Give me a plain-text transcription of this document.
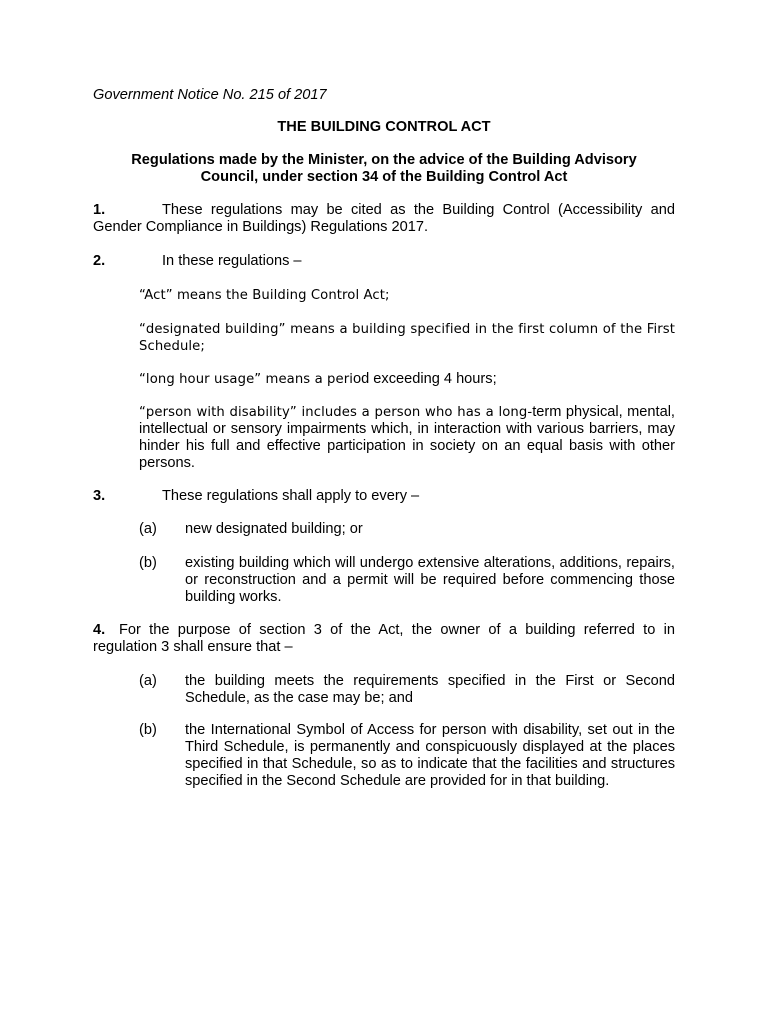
Government Notice No. 215 of 2017
THE BUILDING CONTROL ACT
Regulations made by the Minister, on the advice of the Building Advisory
Council, under section 34 of the Building Control Act
1.	These regulations may be cited as the Building Control (Accessibility and Gender Compliance in Buildings) Regulations 2017.
2.	In these regulations –
“Act” means the Building Control Act;
“designated building” means a building specified in the first column of the First Schedule;
“long hour usage” means a period exceeding 4 hours;
“person with disability” includes a person who has a long-term physical, mental, intellectual or sensory impairments which, in interaction with various barriers, may hinder his full and effective participation in society on an equal basis with other persons.
3.	These regulations shall apply to every –
(a)	new designated building; or
(b)	existing building which will undergo extensive alterations, additions, repairs, or reconstruction and a permit will be required before commencing those building works.
4. For the purpose of section 3 of the Act, the owner of a building referred to in regulation 3 shall ensure that –
(a)	the building meets the requirements specified in the First or Second Schedule, as the case may be; and
(b)	the International Symbol of Access for person with disability, set out in the Third Schedule, is permanently and conspicuously displayed at the places specified in that Schedule, so as to indicate that the facilities and structures specified in the Second Schedule are provided for in that building.
